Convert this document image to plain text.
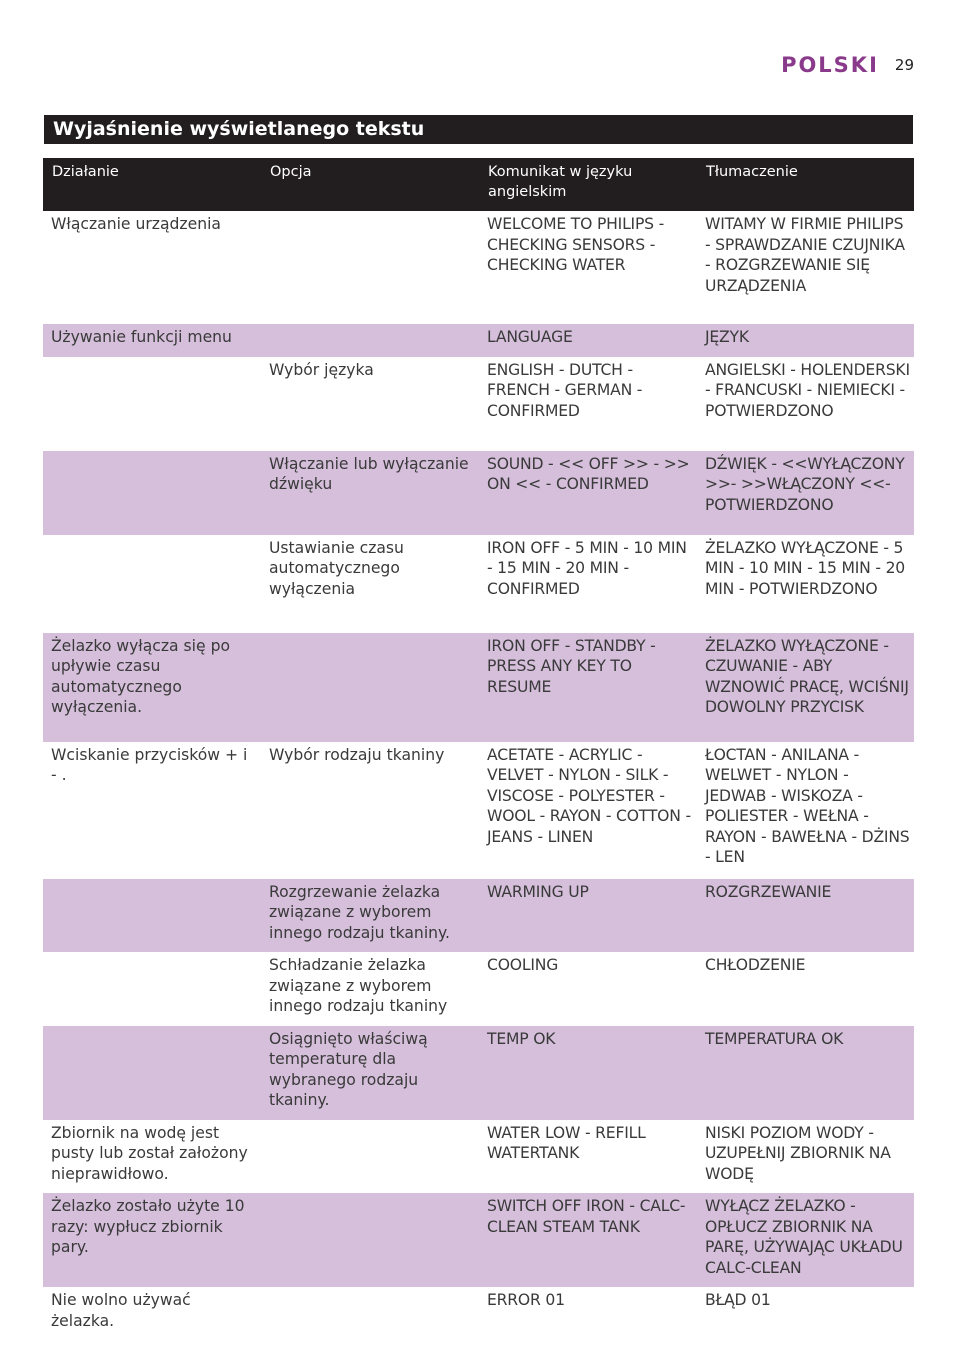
POLSKI 29
Wyjaśnienie wyświetlanego tekstu
Działanie	Opcja	Komunikat w języku angielskim	Tłumaczenie
Włączanie urządzenia		WELCOME TO PHILIPS - CHECKING SENSORS - CHECKING WATER	WITAMY W FIRMIE PHILIPS - SPRAWDZANIE CZUJNIKA - ROZGRZEWANIE SIĘ URZĄDZENIA
Używanie funkcji menu		LANGUAGE	JĘZYK
	Wybór języka	ENGLISH - DUTCH - FRENCH - GERMAN - CONFIRMED	ANGIELSKI - HOLENDERSKI - FRANCUSKI - NIEMIECKI - POTWIERDZONO
	Włączanie lub wyłączanie dźwięku	SOUND - << OFF >> - >> ON << - CONFIRMED	DŹWIĘK - <<WYŁĄCZONY >>- >>WŁĄCZONY <<- POTWIERDZONO
	Ustawianie czasu automatycznego wyłączenia	IRON OFF - 5 MIN - 10 MIN - 15 MIN - 20 MIN - CONFIRMED	ŻELAZKO WYŁĄCZONE - 5 MIN - 10 MIN - 15 MIN - 20 MIN - POTWIERDZONO
Żelazko wyłącza się po upływie czasu automatycznego wyłączenia.		IRON OFF - STANDBY - PRESS ANY KEY TO RESUME	ŻELAZKO WYŁĄCZONE - CZUWANIE - ABY WZNOWIĆ PRACĘ, WCIŚNIJ DOWOLNY PRZYCISK
Wciskanie przycisków + i - .	Wybór rodzaju tkaniny	ACETATE - ACRYLIC - VELVET - NYLON - SILK - VISCOSE - POLYESTER - WOOL - RAYON - COTTON - JEANS - LINEN	ŁOCTAN - ANILANA - WELWET - NYLON - JEDWAB - WISKOZA - POLIESTER - WEŁNA - RAYON - BAWEŁNA - DŻINS - LEN
	Rozgrzewanie żelazka związane z wyborem innego rodzaju tkaniny.	WARMING UP	ROZGRZEWANIE
	Schładzanie żelazka związane z wyborem innego rodzaju tkaniny	COOLING	CHŁODZENIE
	Osiągnięto właściwą temperaturę dla wybranego rodzaju tkaniny.	TEMP OK	TEMPERATURA OK
Zbiornik na wodę jest pusty lub został założony nieprawidłowo.		WATER LOW - REFILL WATERTANK	NISKI POZIOM WODY - UZUPEŁNIJ ZBIORNIK NA WODĘ
Żelazko zostało użyte 10 razy: wypłucz zbiornik pary.		SWITCH OFF IRON - CALC-CLEAN STEAM TANK	WYŁĄCZ ŻELAZKO - OPŁUCZ ZBIORNIK NA PARĘ, UŻYWAJĄC UKŁADU CALC-CLEAN
Nie wolno używać żelazka.		ERROR 01	BŁĄD 01
